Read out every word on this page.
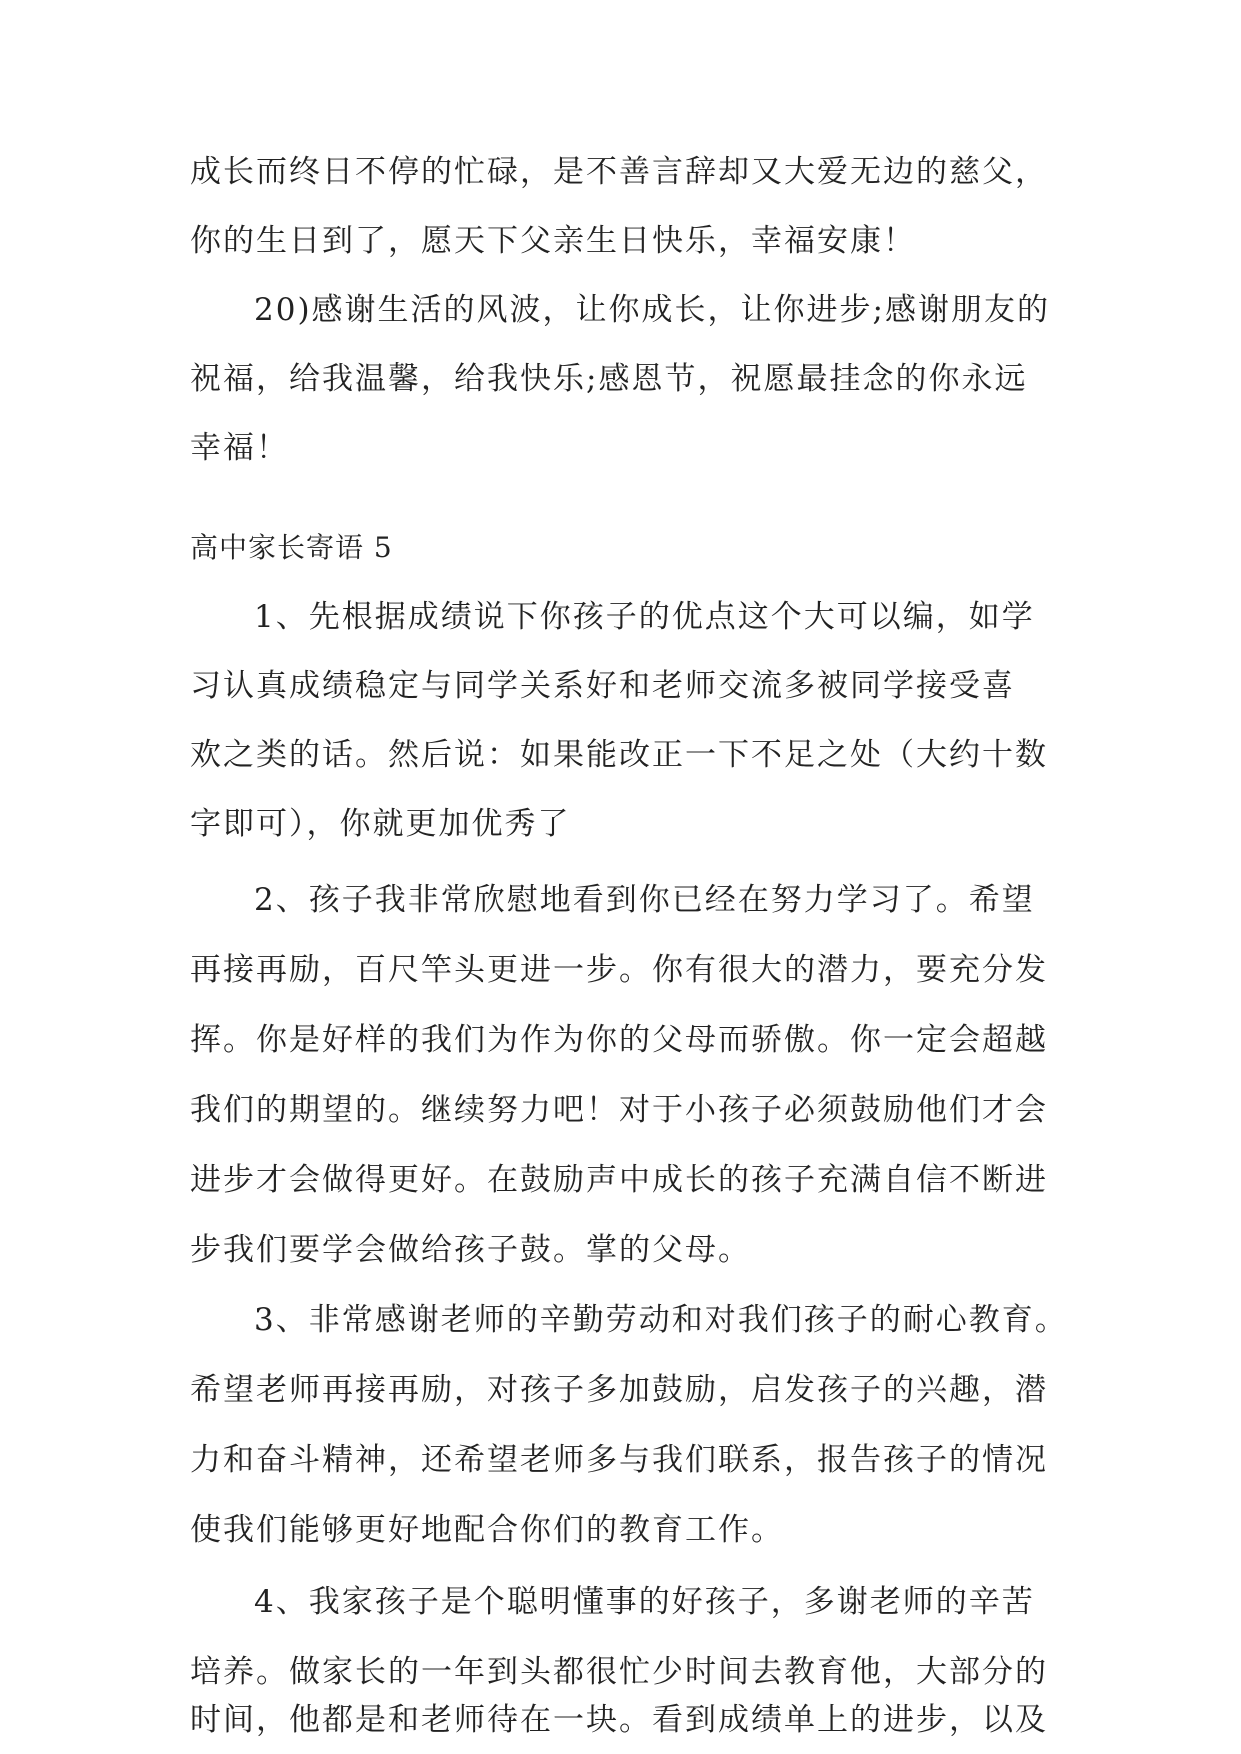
成长而终日不停的忙碌，是不善言辞却又大爱无边的慈父，
你的生日到了，愿天下父亲生日快乐，幸福安康！
20)感谢生活的风波，让你成长，让你进步;感谢朋友的
祝福，给我温馨，给我快乐;感恩节，祝愿最挂念的你永远
幸福！
高中家长寄语 5
1、先根据成绩说下你孩子的优点这个大可以编，如学
习认真成绩稳定与同学关系好和老师交流多被同学接受喜
欢之类的话。然后说：如果能改正一下不足之处（大约十数
字即可），你就更加优秀了
2、孩子我非常欣慰地看到你已经在努力学习了。希望
再接再励，百尺竿头更进一步。你有很大的潜力，要充分发
挥。你是好样的我们为作为你的父母而骄傲。你一定会超越
我们的期望的。继续努力吧！对于小孩子必须鼓励他们才会
进步才会做得更好。在鼓励声中成长的孩子充满自信不断进
步我们要学会做给孩子鼓。掌的父母。
3、非常感谢老师的辛勤劳动和对我们孩子的耐心教育。
希望老师再接再励，对孩子多加鼓励，启发孩子的兴趣，潜
力和奋斗精神，还希望老师多与我们联系，报告孩子的情况
使我们能够更好地配合你们的教育工作。
4、我家孩子是个聪明懂事的好孩子，多谢老师的辛苦
培养。做家长的一年到头都很忙少时间去教育他，大部分的
时间，他都是和老师待在一块。看到成绩单上的进步，以及
